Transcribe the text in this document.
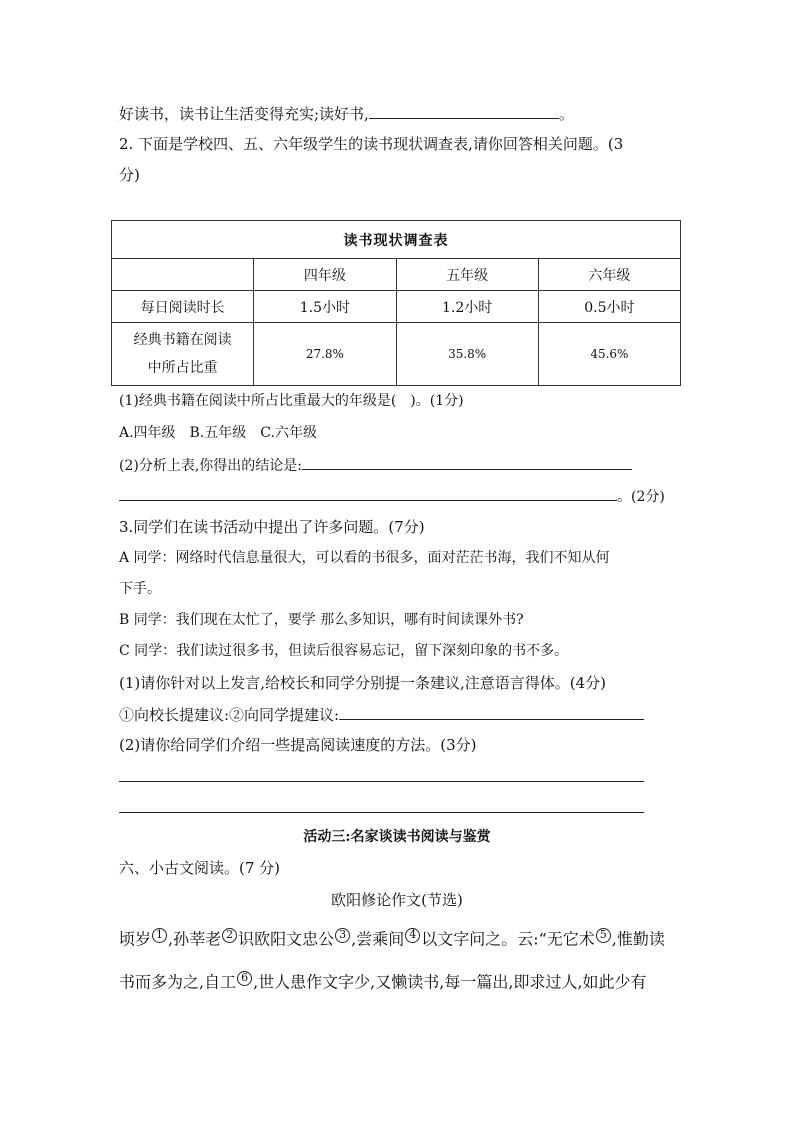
好读书，读书让生活变得充实;读好书,	。
2. 下面是学校四、五、六年级学生的读书现状调查表,请你回答相关问题。(3
分)
读书现状调查表			
	四年级	五年级	六年级
每日阅读时长	1.5小时	1.2小时	0.5小时
经典书籍在阅读
中所占比重	27.8%	35.8%	45.6%
(1)经典书籍在阅读中所占比重最大的年级是(　)。(1分)
A.四年级　B.五年级　C.六年级
(2)分析上表,你得出的结论是:
。(2分)
3.同学们在读书活动中提出了许多问题。(7分)
A 同学：网络时代信息量很大，可以看的书很多，面对茫茫书海，我们不知从何
下手。
B 同学：我们现在太忙了，要学 那么多知识，哪有时间读课外书?
C 同学：我们读过很多书，但读后很容易忘记，留下深刻印象的书不多。
(1)请你针对以上发言,给校长和同学分别提一条建议,注意语言得体。(4分)
①向校长提建议:②向同学提建议:
(2)请你给同学们介绍一些提高阅读速度的方法。(3分)
活动三:名家谈读书阅读与鉴赏
六、小古文阅读。(7 分)
欧阳修论作文(节选)
顷岁 $^1$ ,孙莘老 $^2$ 识欧阳文忠公 $^3$ ,尝乘间 $^4$ 以文字问之。云:“无它术 $^5$ ,惟勤读
书而多为之,自工 $^6$ ,世人患作文字少,又懒读书,每一篇出,即求过人,如此少有
